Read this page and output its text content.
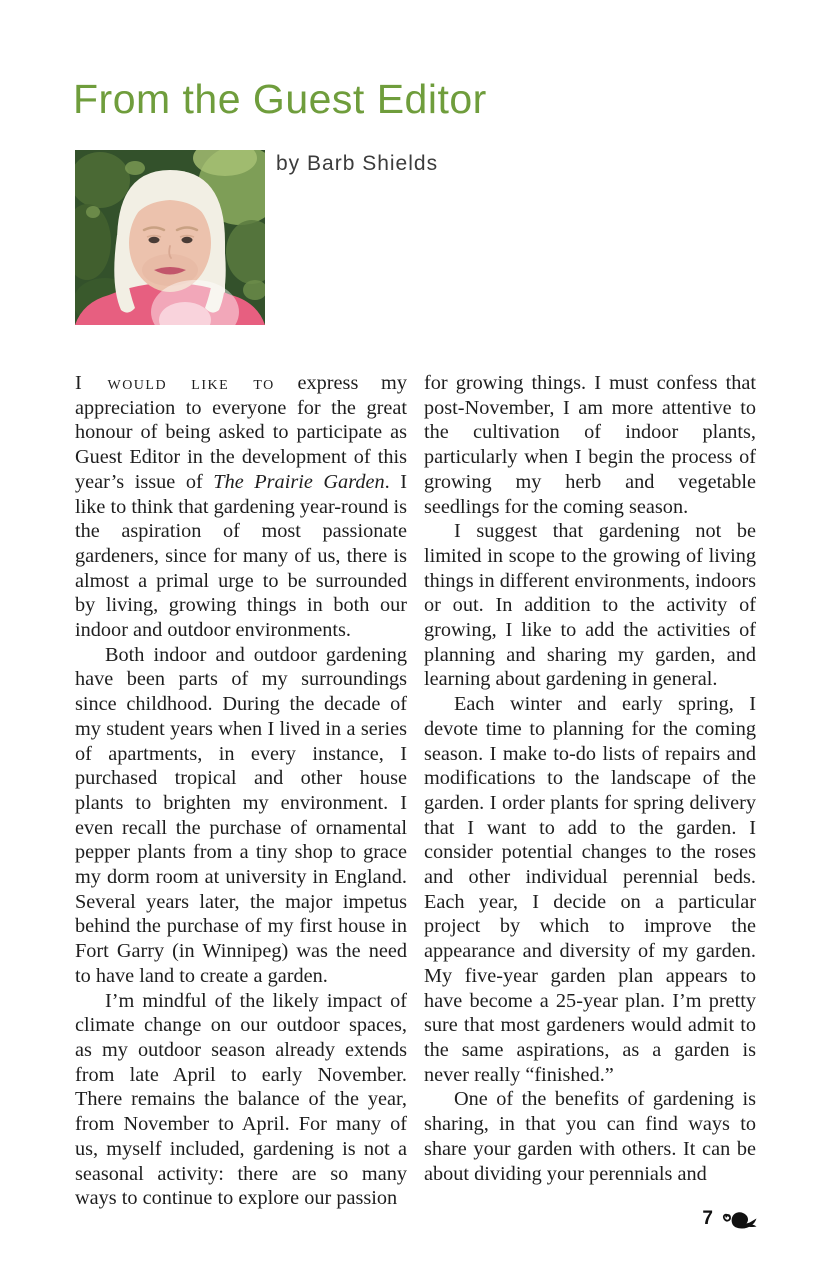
From the Guest Editor
by Barb Shields

I would like to express my appreciation to everyone for the great honour of being asked to participate as Guest Editor in the development of this year’s issue of The Prairie Garden. I like to think that gardening year-round is the aspiration of most passionate gardeners, since for many of us, there is almost a primal urge to be surrounded by living, growing things in both our indoor and outdoor environments.

Both indoor and outdoor gardening have been parts of my surroundings since childhood. During the decade of my student years when I lived in a series of apartments, in every instance, I purchased tropical and other house plants to brighten my environment. I even recall the purchase of ornamental pepper plants from a tiny shop to grace my dorm room at university in England. Several years later, the major impetus behind the purchase of my first house in Fort Garry (in Winnipeg) was the need to have land to create a garden.

I’m mindful of the likely impact of climate change on our outdoor spaces, as my outdoor season already extends from late April to early November. There remains the balance of the year, from November to April. For many of us, myself included, gardening is not a seasonal activity: there are so many ways to continue to explore our passion

for growing things. I must confess that post-November, I am more attentive to the cultivation of indoor plants, particularly when I begin the process of growing my herb and vegetable seedlings for the coming season.

I suggest that gardening not be limited in scope to the growing of living things in different environments, indoors or out. In addition to the activity of growing, I like to add the activities of planning and sharing my garden, and learning about gardening in general.

Each winter and early spring, I devote time to planning for the coming season. I make to-do lists of repairs and modifications to the landscape of the garden. I order plants for spring delivery that I want to add to the garden. I consider potential changes to the roses and other individual perennial beds. Each year, I decide on a particular project by which to improve the appearance and diversity of my garden. My five-year garden plan appears to have become a 25-year plan. I’m pretty sure that most gardeners would admit to the same aspirations, as a garden is never really “finished.”

One of the benefits of gardening is sharing, in that you can find ways to share your garden with others. It can be about dividing your perennials and

7
